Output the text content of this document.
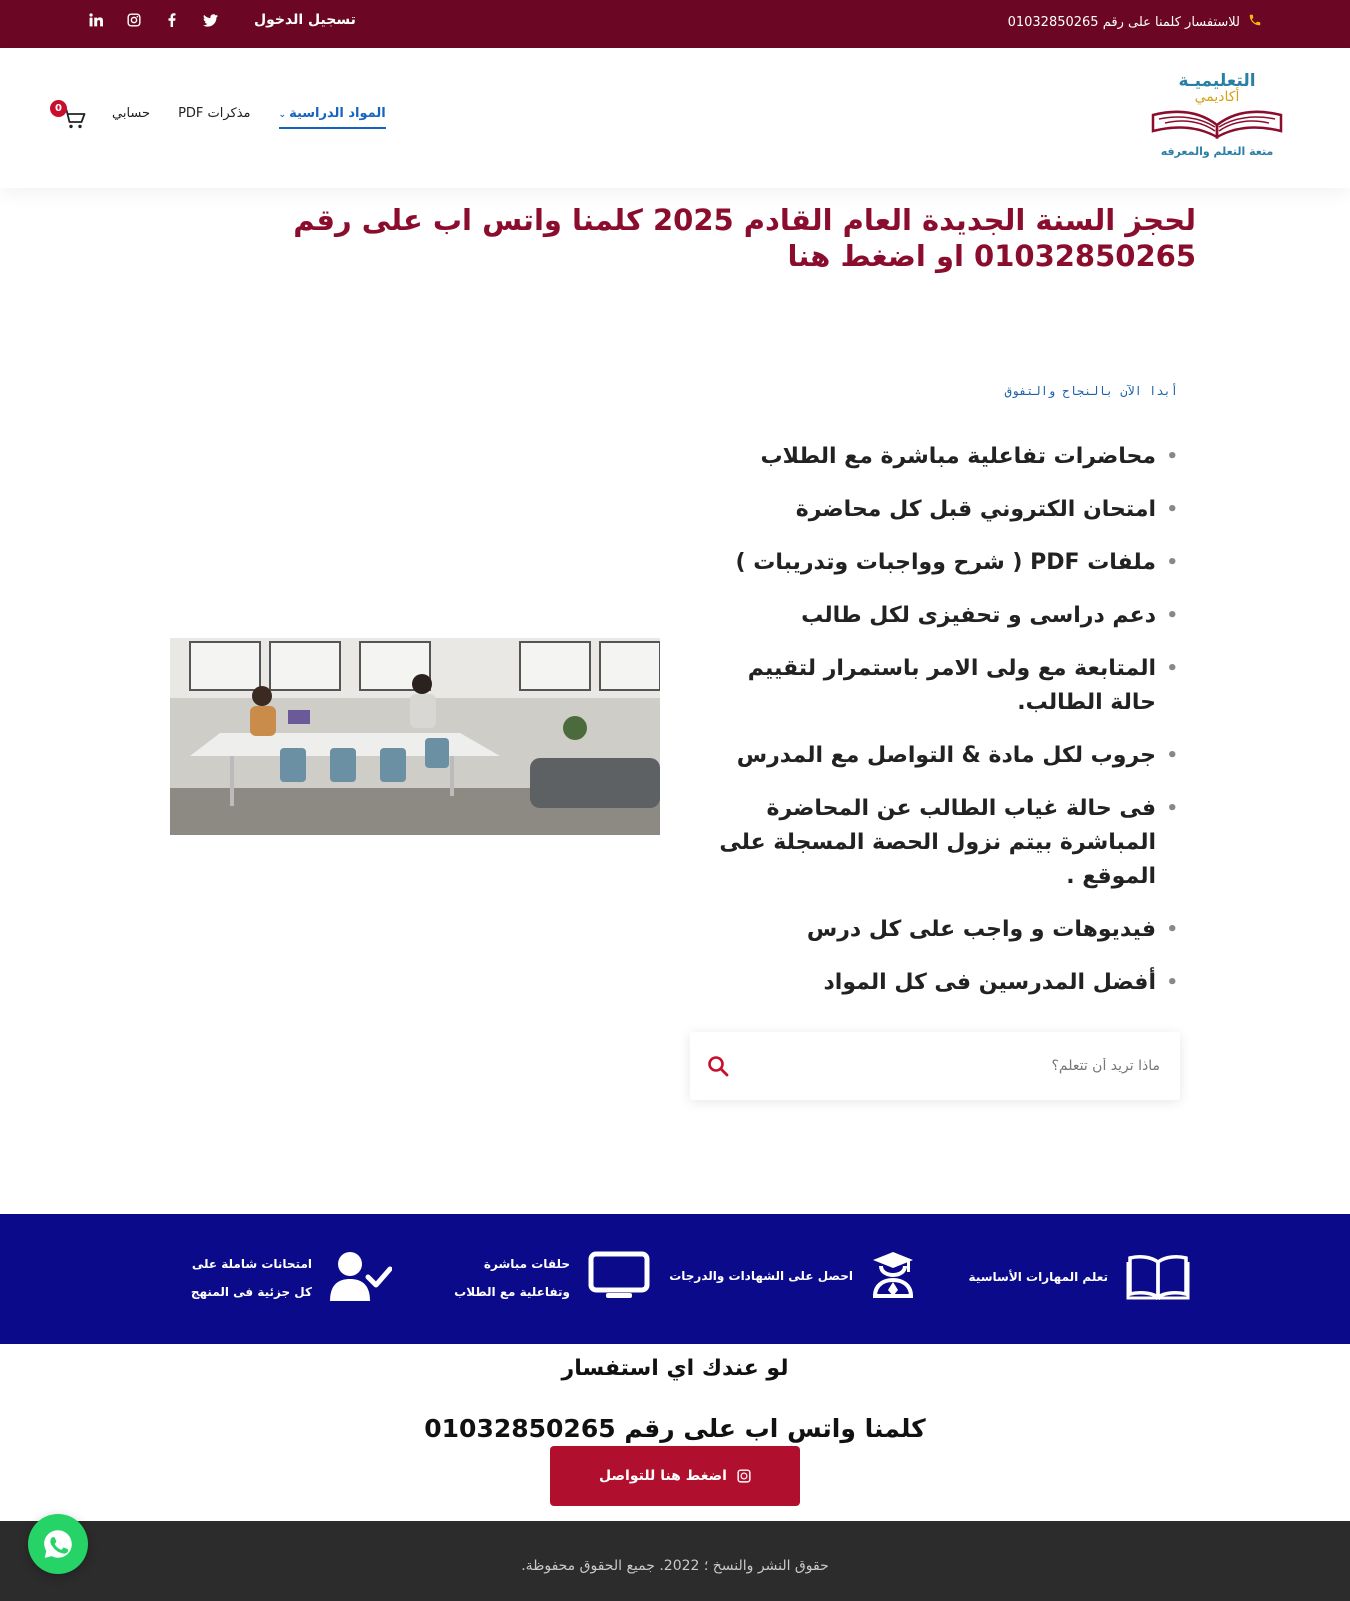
للاستفسار كلمنا على رقم 01032850265
تسجيل الدخول
التعليميـة
أكاديمي
متعة التعلم والمعرفه
المواد الدراسية⌄
مذكرات PDF
حسابي
0
لحجز السنة الجديدة العام القادم 2025 كلمنا واتس اب على رقم 01032850265 او اضغط هنا
أبدا الآن بالنجاح والتفوق
• محاضرات تفاعلية مباشرة مع الطلاب
• امتحان الكتروني قبل كل محاضرة
• ملفات PDF ( شرح وواجبات وتدريبات )
• دعم دراسى و تحفيزى لكل طالب
• المتابعة مع ولى الامر باستمرار لتقييم حالة الطالب.
• جروب لكل مادة & التواصل مع المدرس
• فى حالة غياب الطالب عن المحاضرة المباشرة بيتم نزول الحصة المسجلة على الموقع .
• فيديوهات و واجب على كل درس
• أفضل المدرسين فى كل المواد
ماذا تريد أن تتعلم؟
تعلم المهارات الأساسية
احصل على الشهادات والدرجات
حلقات مباشرة وتفاعلية مع الطلاب
امتحانات شاملة على كل جزئية فى المنهج
لو عندك اي استفسار
كلمنا واتس اب على رقم 01032850265
اضغط هنا للتواصل
حقوق النشر والنسخ ؛ 2022. جميع الحقوق محفوظة.
